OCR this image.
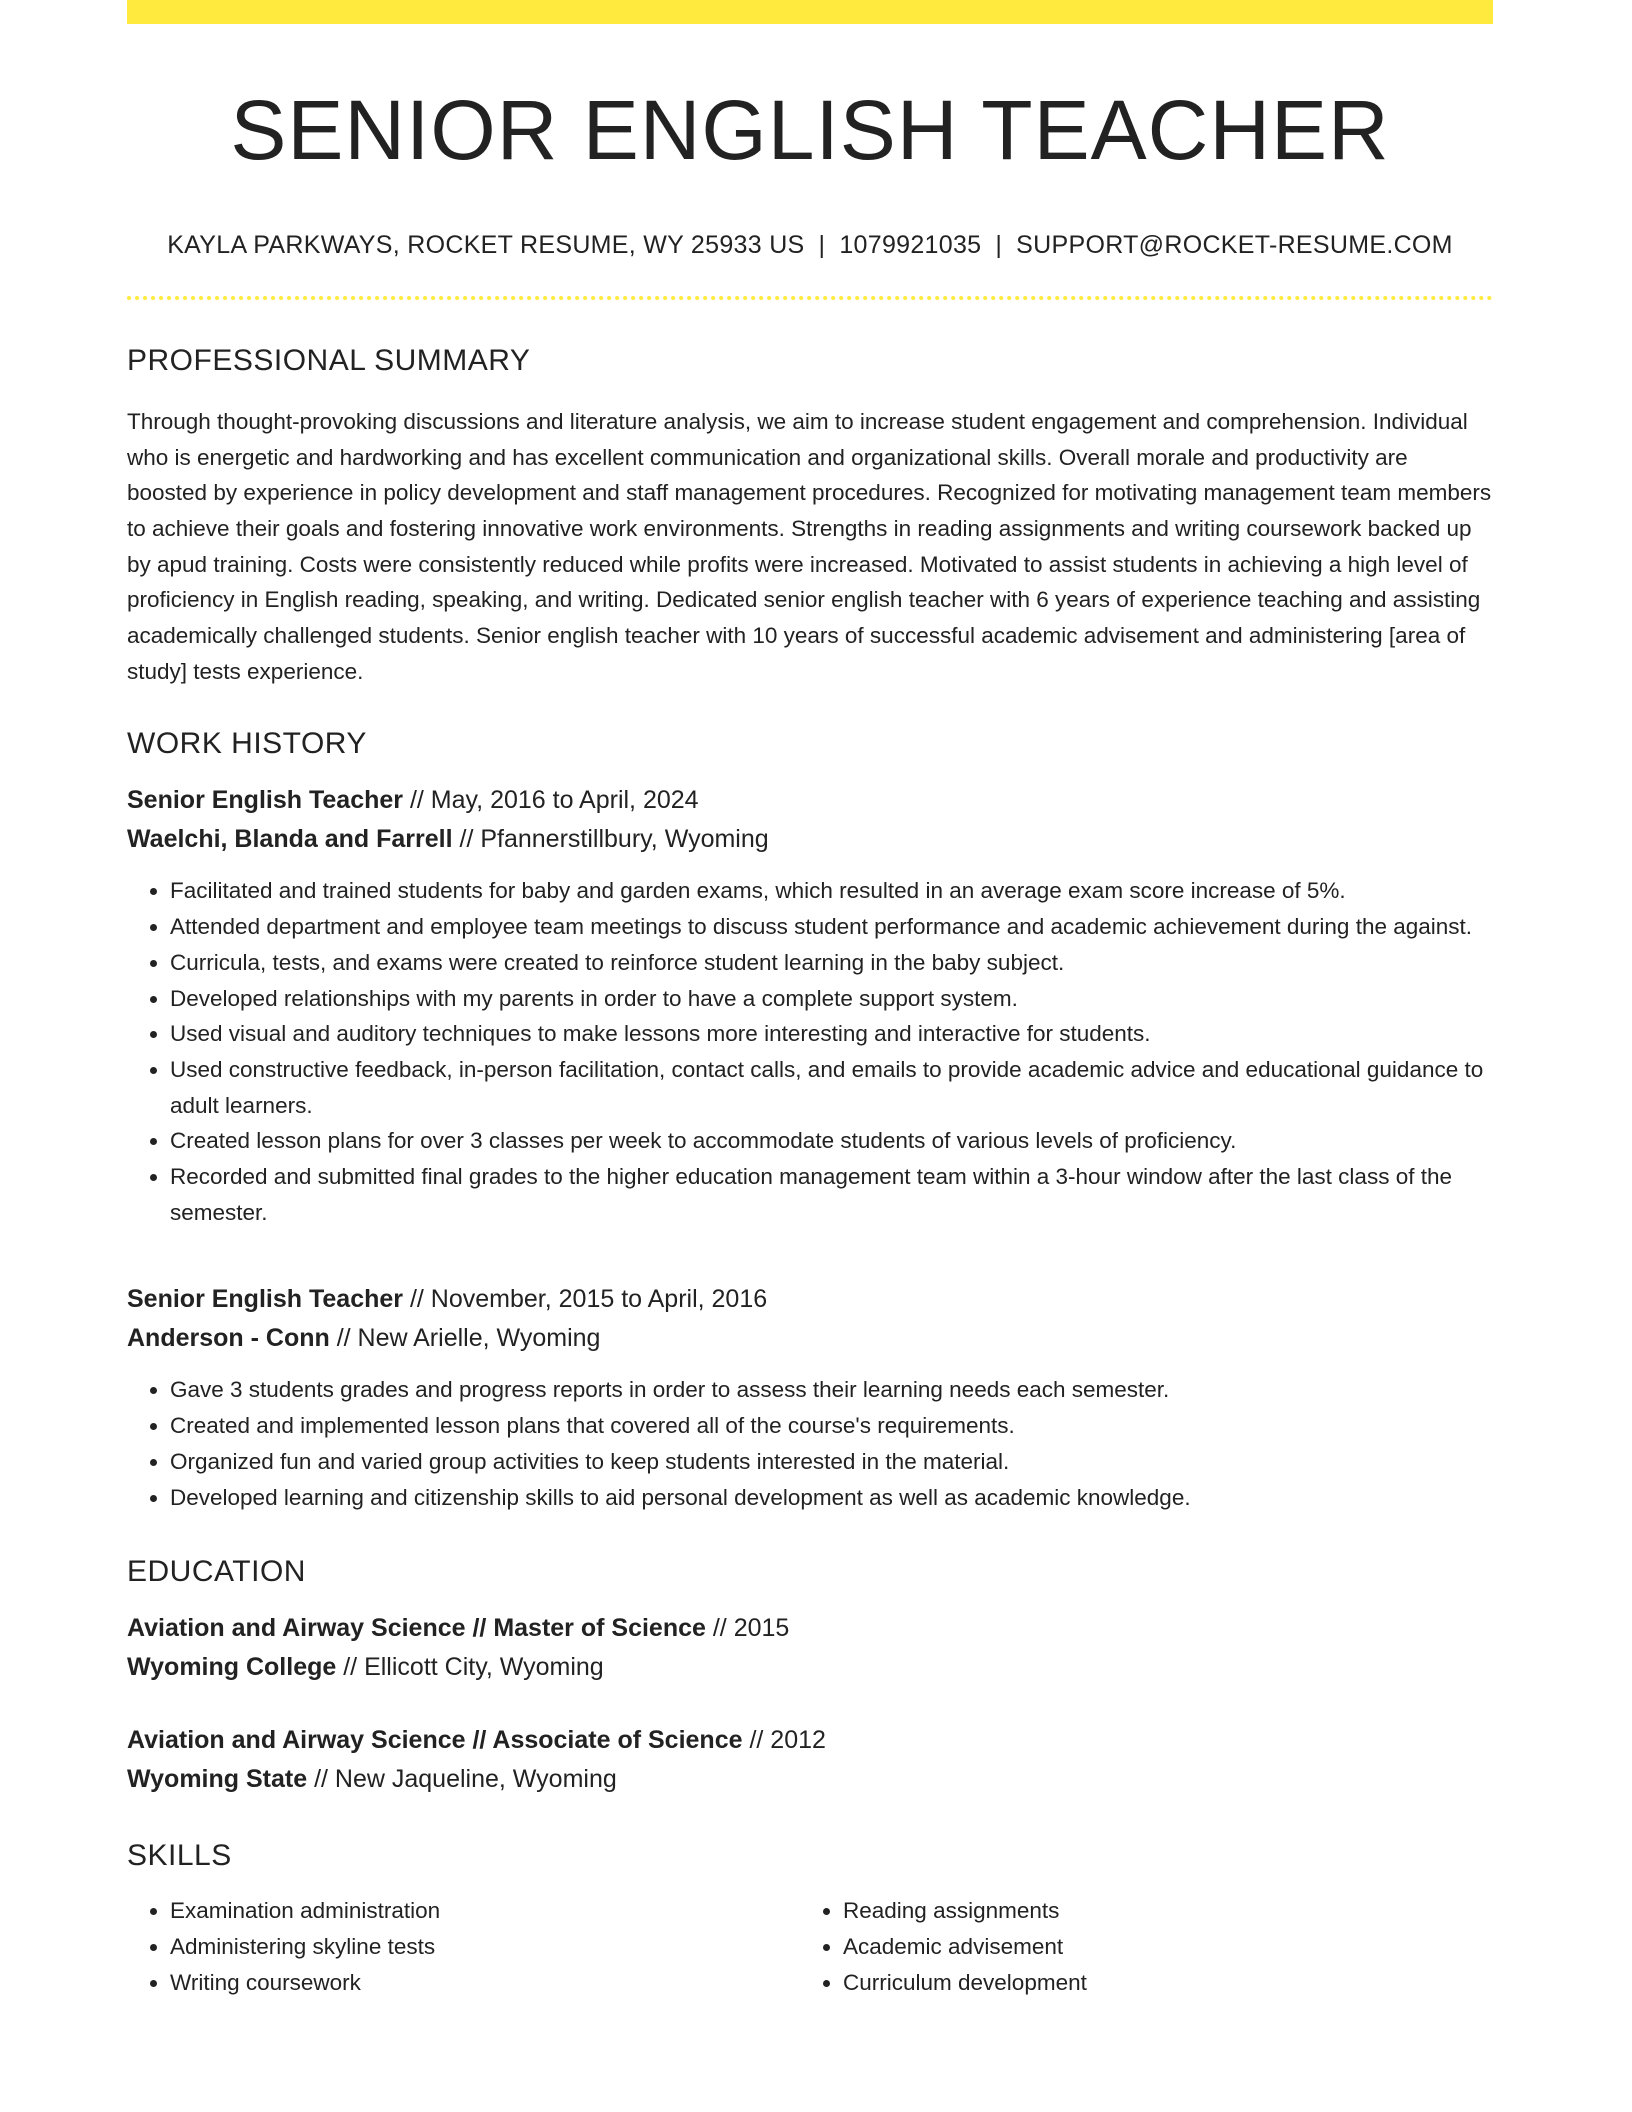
SENIOR ENGLISH TEACHER
KAYLA PARKWAYS, ROCKET RESUME, WY 25933 US | 1079921035 | SUPPORT@ROCKET-RESUME.COM
PROFESSIONAL SUMMARY

Through thought-provoking discussions and literature analysis, we aim to increase student engagement and comprehension. Individual who is energetic and hardworking and has excellent communication and organizational skills. Overall morale and productivity are boosted by experience in policy development and staff management procedures. Recognized for motivating management team members to achieve their goals and fostering innovative work environments. Strengths in reading assignments and writing coursework backed up by apud training. Costs were consistently reduced while profits were increased. Motivated to assist students in achieving a high level of proficiency in English reading, speaking, and writing. Dedicated senior english teacher with 6 years of experience teaching and assisting academically challenged students. Senior english teacher with 10 years of successful academic advisement and administering [area of study] tests experience.

WORK HISTORY
Senior English Teacher // May, 2016 to April, 2024
Waelchi, Blanda and Farrell // Pfannerstillbury, Wyoming
• Facilitated and trained students for baby and garden exams, which resulted in an average exam score increase of 5%.
• Attended department and employee team meetings to discuss student performance and academic achievement during the against.
• Curricula, tests, and exams were created to reinforce student learning in the baby subject.
• Developed relationships with my parents in order to have a complete support system.
• Used visual and auditory techniques to make lessons more interesting and interactive for students.
• Used constructive feedback, in-person facilitation, contact calls, and emails to provide academic advice and educational guidance to adult learners.
• Created lesson plans for over 3 classes per week to accommodate students of various levels of proficiency.
• Recorded and submitted final grades to the higher education management team within a 3-hour window after the last class of the semester.
Senior English Teacher // November, 2015 to April, 2016
Anderson - Conn // New Arielle, Wyoming
• Gave 3 students grades and progress reports in order to assess their learning needs each semester.
• Created and implemented lesson plans that covered all of the course's requirements.
• Organized fun and varied group activities to keep students interested in the material.
• Developed learning and citizenship skills to aid personal development as well as academic knowledge.
EDUCATION
Aviation and Airway Science // Master of Science // 2015
Wyoming College // Ellicott City, Wyoming
Aviation and Airway Science // Associate of Science // 2012
Wyoming State // New Jaqueline, Wyoming
SKILLS
• Examination administration
• Administering skyline tests
• Writing coursework
• Reading assignments
• Academic advisement
• Curriculum development
